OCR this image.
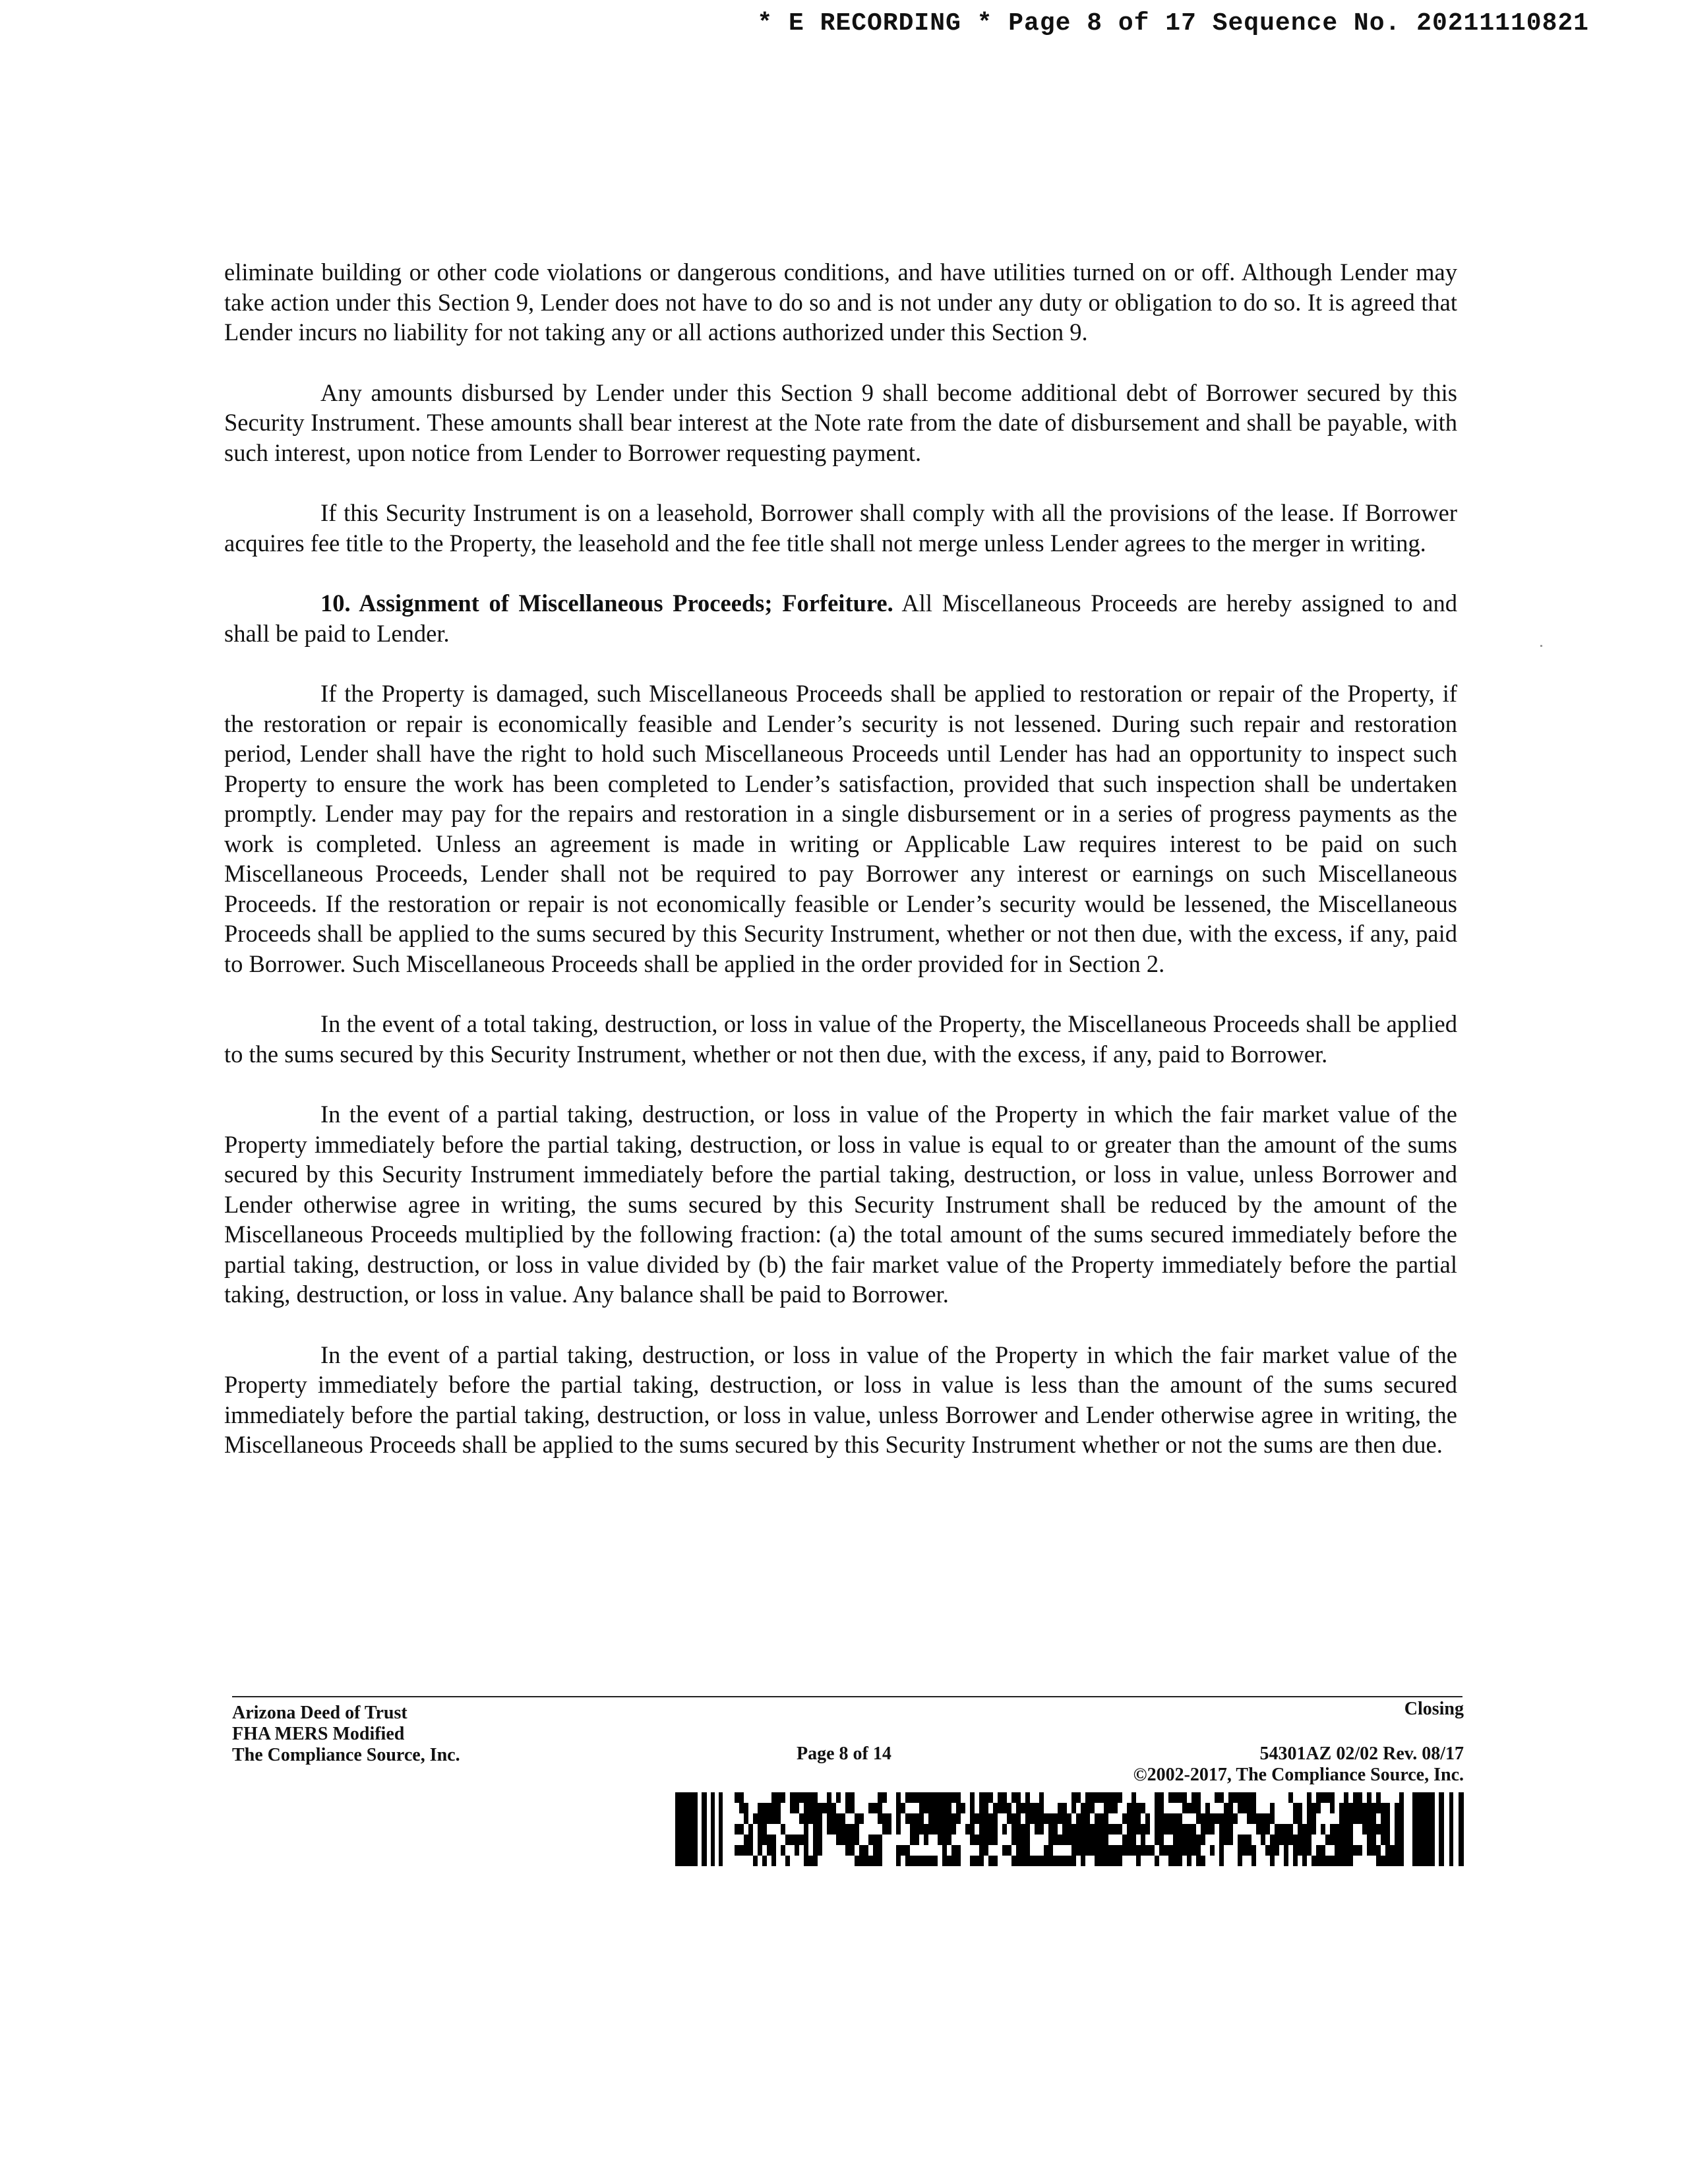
* E RECORDING * Page 8 of 17 Sequence No. 20211110821

eliminate building or other code violations or dangerous conditions, and have utilities turned on or off. Although Lender may take action under this Section 9, Lender does not have to do so and is not under any duty or obligation to do so. It is agreed that Lender incurs no liability for not taking any or all actions authorized under this Section 9.

Any amounts disbursed by Lender under this Section 9 shall become additional debt of Borrower secured by this Security Instrument. These amounts shall bear interest at the Note rate from the date of disbursement and shall be payable, with such interest, upon notice from Lender to Borrower requesting payment.

If this Security Instrument is on a leasehold, Borrower shall comply with all the provisions of the lease. If Borrower acquires fee title to the Property, the leasehold and the fee title shall not merge unless Lender agrees to the merger in writing.

10. Assignment of Miscellaneous Proceeds; Forfeiture. All Miscellaneous Proceeds are hereby assigned to and shall be paid to Lender.

If the Property is damaged, such Miscellaneous Proceeds shall be applied to restoration or repair of the Property, if the restoration or repair is economically feasible and Lender’s security is not lessened. During such repair and restoration period, Lender shall have the right to hold such Miscellaneous Proceeds until Lender has had an opportunity to inspect such Property to ensure the work has been completed to Lender’s satisfaction, provided that such inspection shall be undertaken promptly. Lender may pay for the repairs and restoration in a single disbursement or in a series of progress payments as the work is completed. Unless an agreement is made in writing or Applicable Law requires interest to be paid on such Miscellaneous Proceeds, Lender shall not be required to pay Borrower any interest or earnings on such Miscellaneous Proceeds. If the restoration or repair is not economically feasible or Lender’s security would be lessened, the Miscellaneous Proceeds shall be applied to the sums secured by this Security Instrument, whether or not then due, with the excess, if any, paid to Borrower. Such Miscellaneous Proceeds shall be applied in the order provided for in Section 2.

In the event of a total taking, destruction, or loss in value of the Property, the Miscellaneous Proceeds shall be applied to the sums secured by this Security Instrument, whether or not then due, with the excess, if any, paid to Borrower.

In the event of a partial taking, destruction, or loss in value of the Property in which the fair market value of the Property immediately before the partial taking, destruction, or loss in value is equal to or greater than the amount of the sums secured by this Security Instrument immediately before the partial taking, destruction, or loss in value, unless Borrower and Lender otherwise agree in writing, the sums secured by this Security Instrument shall be reduced by the amount of the Miscellaneous Proceeds multiplied by the following fraction: (a) the total amount of the sums secured immediately before the partial taking, destruction, or loss in value divided by (b) the fair market value of the Property immediately before the partial taking, destruction, or loss in value. Any balance shall be paid to Borrower.

In the event of a partial taking, destruction, or loss in value of the Property in which the fair market value of the Property immediately before the partial taking, destruction, or loss in value is less than the amount of the sums secured immediately before the partial taking, destruction, or loss in value, unless Borrower and Lender otherwise agree in writing, the Miscellaneous Proceeds shall be applied to the sums secured by this Security Instrument whether or not the sums are then due.

Arizona Deed of Trust
FHA MERS Modified
The Compliance Source, Inc.
Closing
Page 8 of 14	54301AZ 02/02 Rev. 08/17
©2002-2017, The Compliance Source, Inc.
